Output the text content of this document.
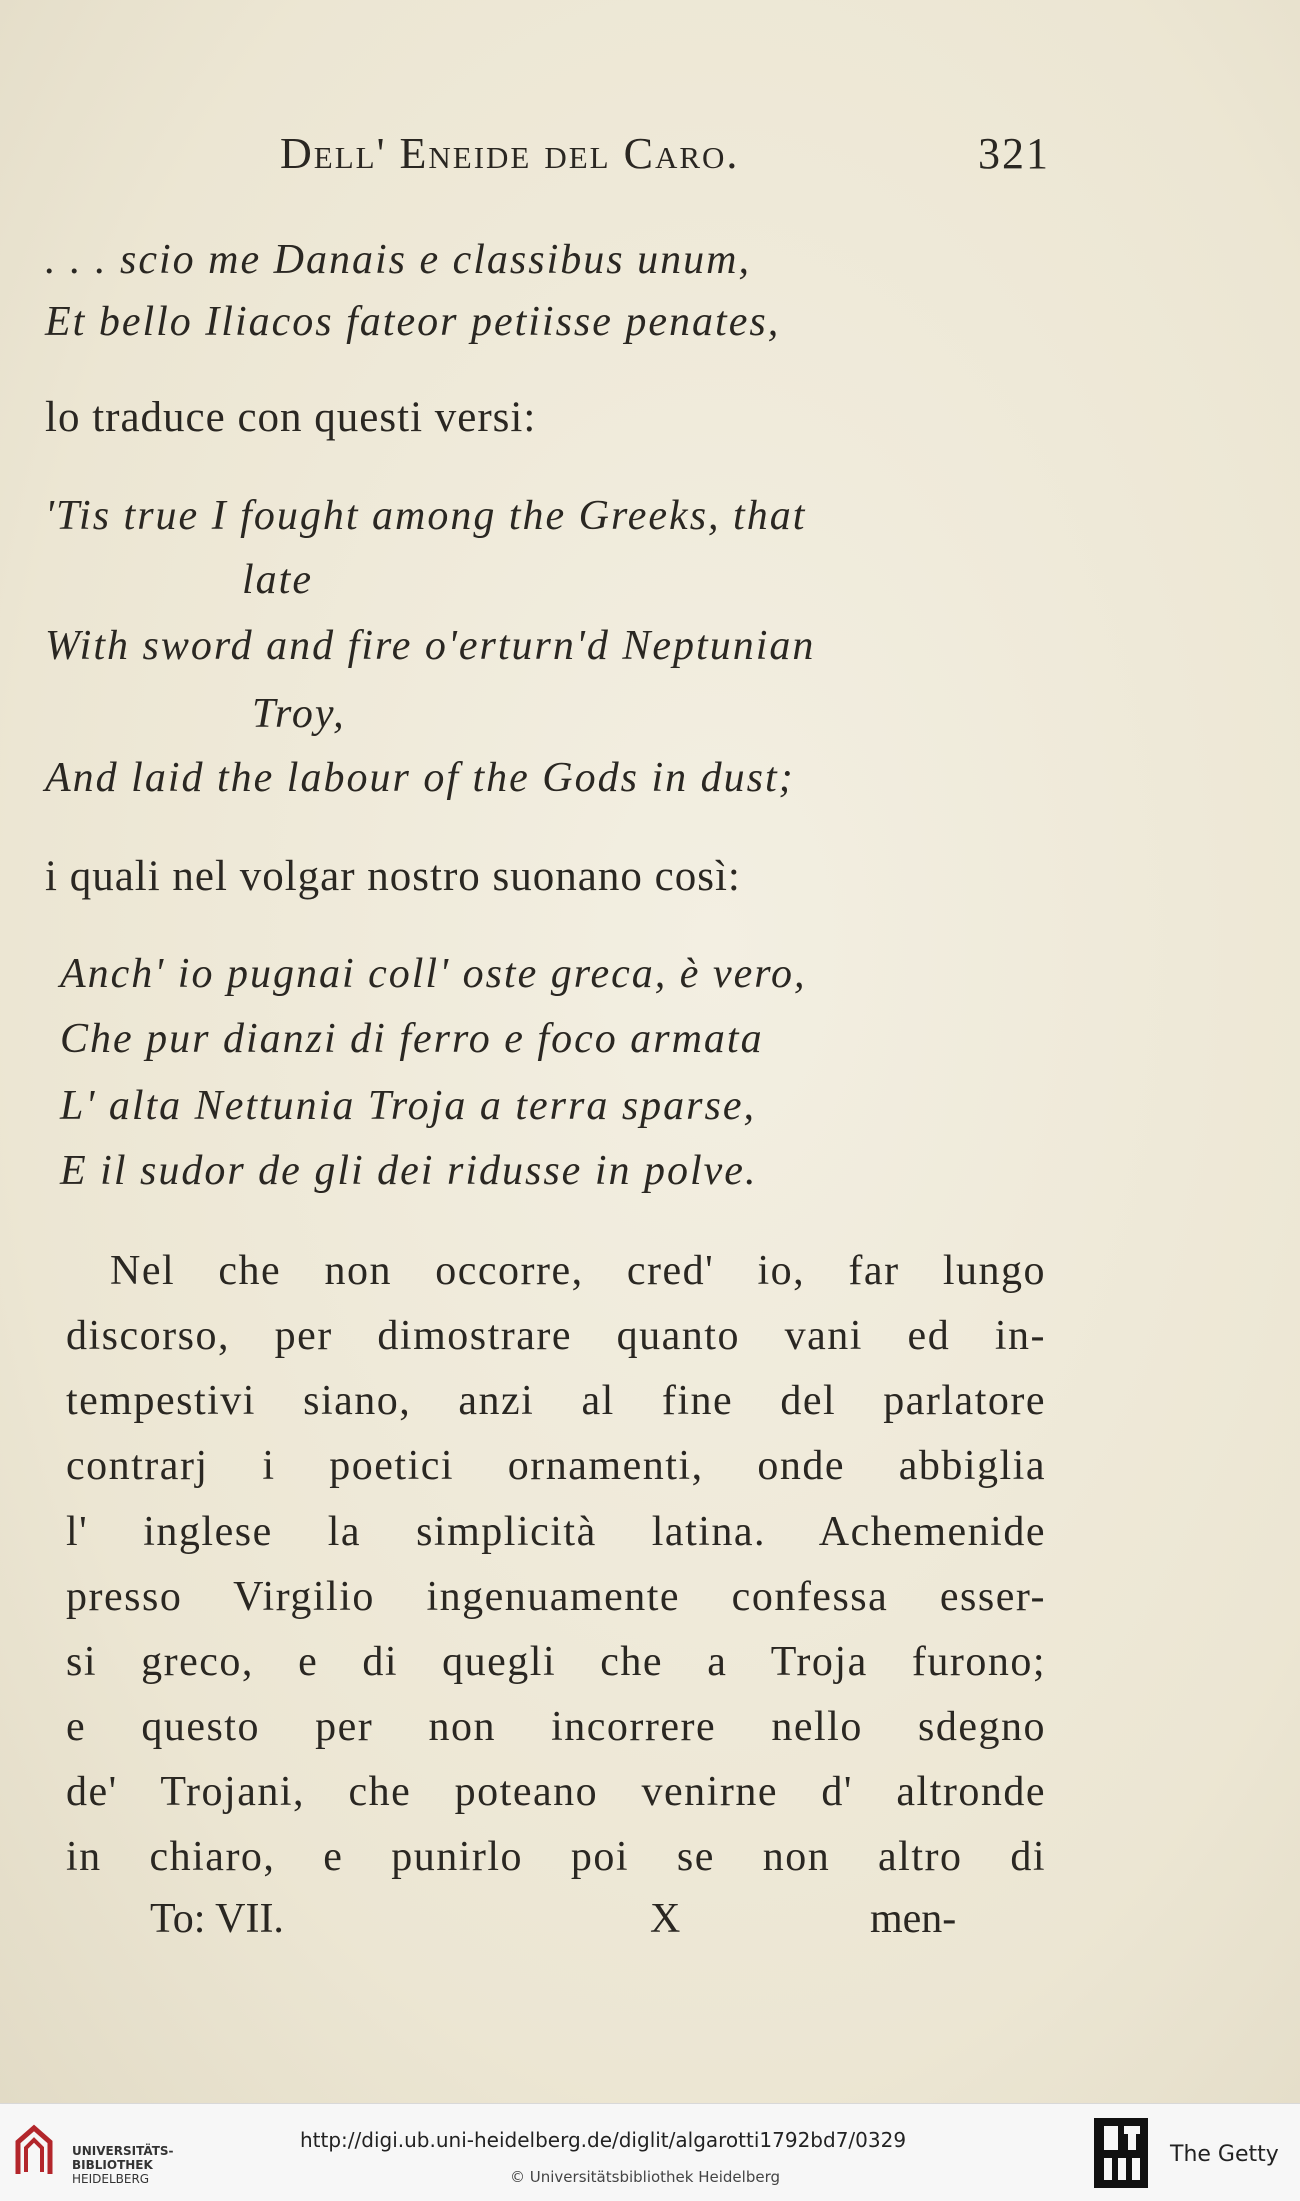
Dell' Eneide del Caro.	321
. . . scio me Danais e classibus unum,
Et bello Iliacos fateor petiisse penates,
lo traduce con questi versi:
'Tis true I fought among the Greeks, that
late
With sword and fire o'erturn'd Neptunian
Troy,
And laid the labour of the Gods in dust;
i quali nel volgar nostro suonano così:
Anch' io pugnai coll' oste greca, è vero,
Che pur dianzi di ferro e foco armata
L' alta Nettunia Troja a terra sparse,
E il sudor de gli dei ridusse in polve.
Nel che non occorre, cred' io, far lungo
discorso, per dimostrare quanto vani ed in-
tempestivi siano, anzi al fine del parlatore
contrarj i poetici ornamenti, onde abbiglia
l' inglese la simplicità latina. Achemenide
presso Virgilio ingenuamente confessa esser-
si greco, e di quegli che a Troja furono;
e questo per non incorrere nello sdegno
de' Trojani, che poteano venirne d' altronde
in chiaro, e punirlo poi se non altro di
To: VII.	X	men-
UNIVERSITÄTS-
BIBLIOTHEK
HEIDELBERG
http://digi.ub.uni-heidelberg.de/diglit/algarotti1792bd7/0329
© Universitätsbibliothek Heidelberg
The Getty
